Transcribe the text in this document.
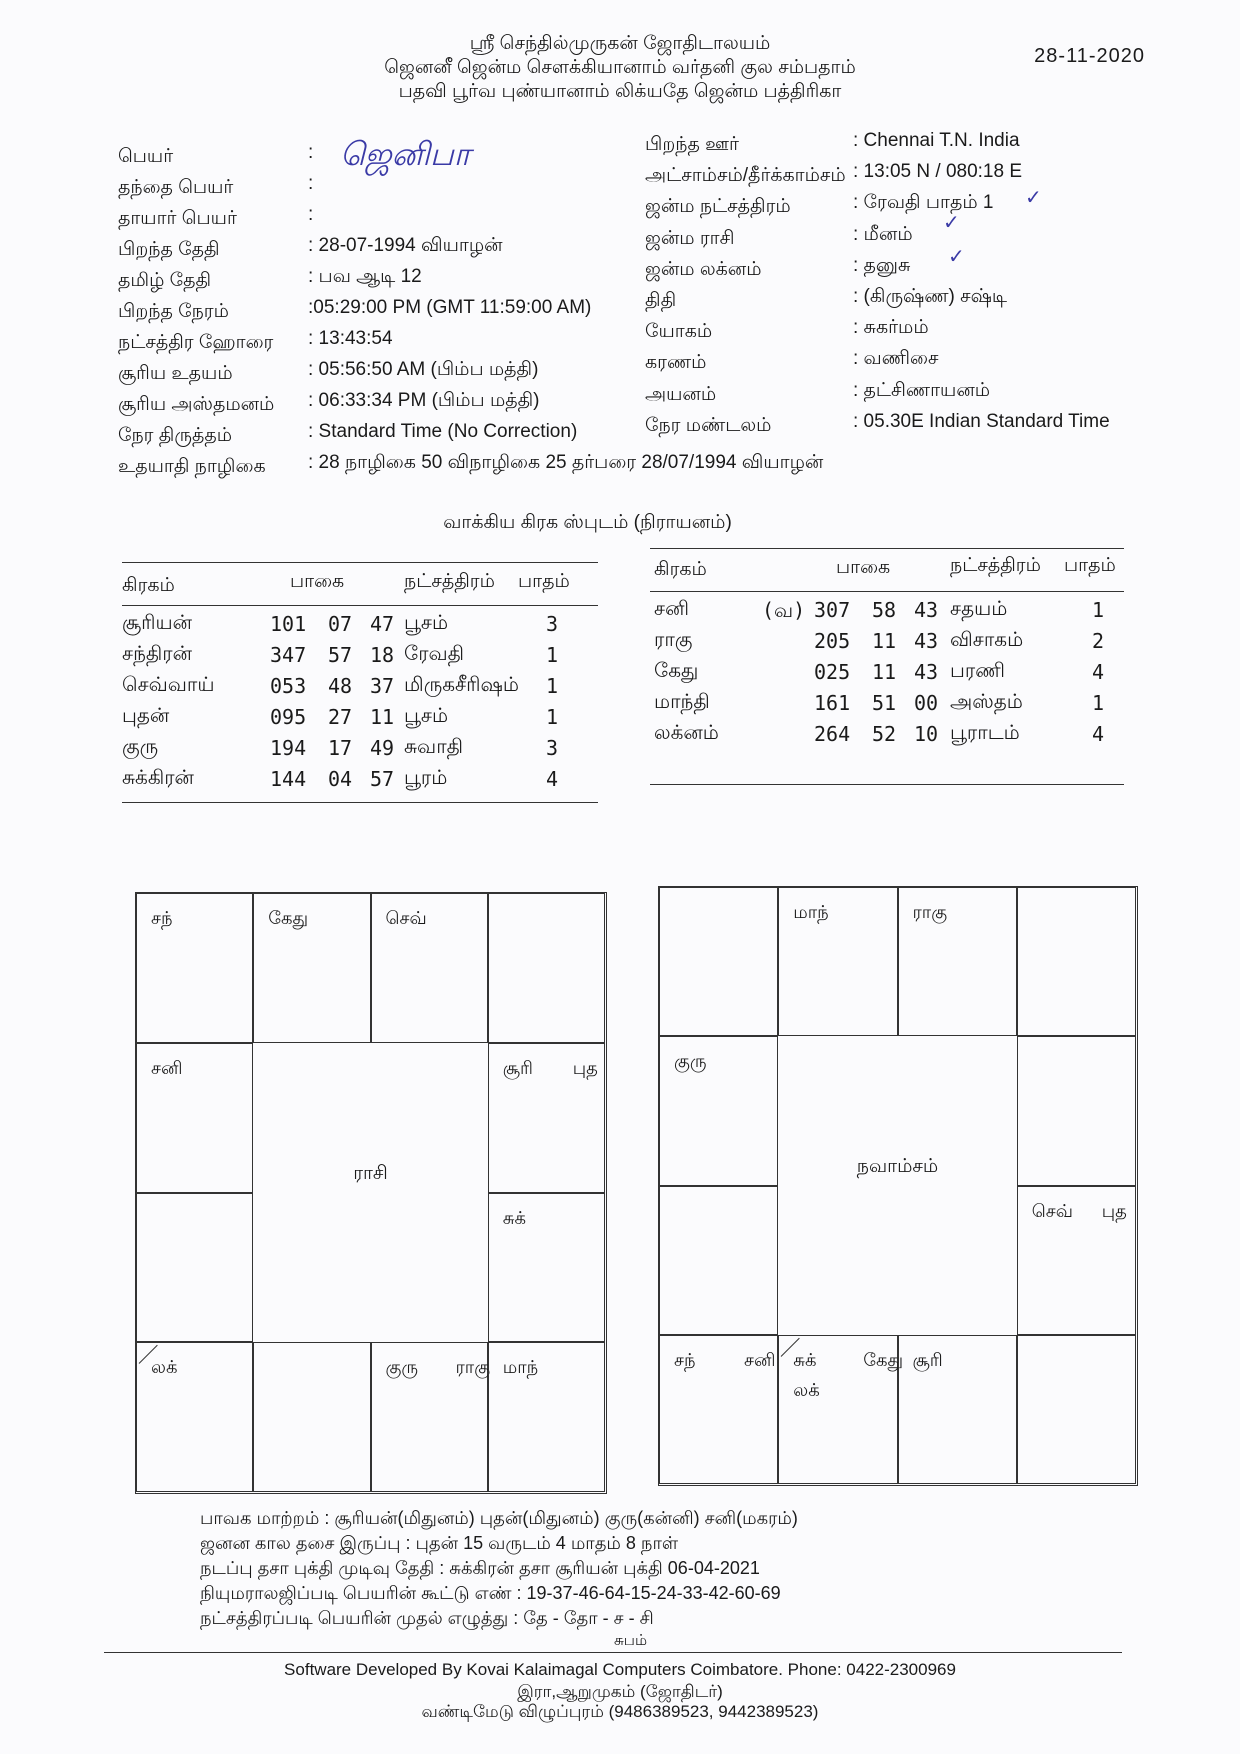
ஸ்ரீ செந்தில்முருகன் ஜோதிடாலயம்
ஜெனனீ ஜென்ம சௌக்கியானாம் வர்தனி குல சம்பதாம்
பதவி பூர்வ புண்யானாம் லிக்யதே ஜென்ம பத்திரிகா
28-11-2020
பெயர்	:
தந்தை பெயர்	:
தாயார் பெயர்	:
பிறந்த தேதி	: 28-07-1994 வியாழன்
தமிழ் தேதி	: பவ ஆடி 12
பிறந்த நேரம்	:05:29:00 PM (GMT 11:59:00 AM)
நட்சத்திர ஹோரை : 13:43:54
சூரிய உதயம்	: 05:56:50 AM (பிம்ப மத்தி)
சூரிய அஸ்தமனம் : 06:33:34 PM (பிம்ப மத்தி)
நேர திருத்தம்	: Standard Time (No Correction)
உதயாதி நாழிகை : 28 நாழிகை 50 விநாழிகை 25 தர்பரை 28/07/1994 வியாழன்
ஜெனிபா	பிறந்த ஊர்	: Chennai T.N. India
அட்சாம்சம்/தீர்க்காம்சம் : 13:05 N / 080:18 E
ஜன்ம நட்சத்திரம்	: ரேவதி பாதம் 1
ஜன்ம ராசி	: மீனம்
ஜன்ம லக்னம்	: தனுசு
திதி	: (கிருஷ்ண) சஷ்டி
யோகம்	: சுகர்மம்
கரணம்	: வணிசை
அயனம்	: தட்சிணாயனம்
நேர மண்டலம்	: 05.30E Indian Standard Time
✓
✓
✓
வாக்கிய கிரக ஸ்புடம் (நிராயனம்)
கிரகம்	பாகை	நட்சத்திரம் பாதம்
சூரியன்	101 07 47 பூசம்	3
சந்திரன்	347 57 18 ரேவதி	1
செவ்வாய்	053 48 37 மிருகசீரிஷம் 1
புதன்	095 27 11 பூசம்	1
குரு	194 17 49 சுவாதி	3
சுக்கிரன்	144 04 57 பூரம்	4
கிரகம்	பாகை	நட்சத்திரம் பாதம்
சனி	(வ) 307 58 43 சதயம்	1
ராகு	205 11 43 விசாகம்	2
கேது	025 11 43 பரணி	4
மாந்தி	161 51 00 அஸ்தம்	1
லக்னம்	264 52 10 பூராடம்	4
சந்	கேது	செவ்
சனி	சூரி புத
சுக்
லக்	குரு ராகு மாந்
ராசி
மாந்	ராகு
குரு
செவ் புத
சந்	சனி சுக்	கேது
லக்
சூரி
நவாம்சம்
பாவக மாற்றம் : சூரியன்(மிதுனம்) புதன்(மிதுனம்) குரு(கன்னி) சனி(மகரம்)
ஜனன கால தசை இருப்பு : புதன் 15 வருடம் 4 மாதம் 8 நாள்
நடப்பு தசா புக்தி முடிவு தேதி : சுக்கிரன் தசா சூரியன் புக்தி 06-04-2021
நியுமராலஜிப்படி பெயரின் கூட்டு எண் : 19-37-46-64-15-24-33-42-60-69
நட்சத்திரப்படி பெயரின் முதல் எழுத்து : தே - தோ - ச - சி
சுபம்
Software Developed By Kovai Kalaimagal Computers Coimbatore. Phone: 0422-2300969
இரா,ஆறுமுகம் (ஜோதிடர்)
வண்டிமேடு விழுப்புரம் (9486389523, 9442389523)
